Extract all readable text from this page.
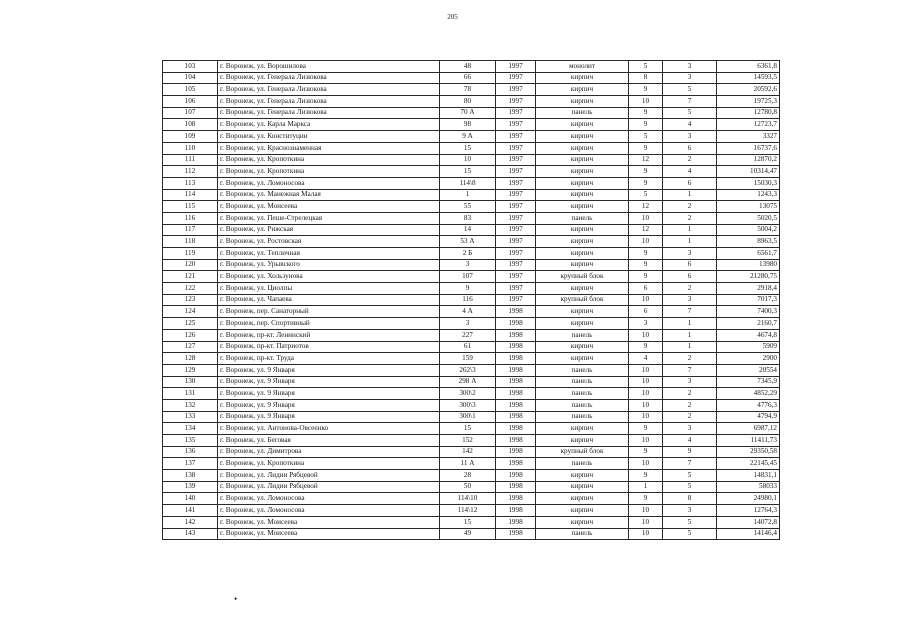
205
103	г. Воронеж, ул. Ворошилова	48	1997	монолит	5	3	6361,8
104	г. Воронеж, ул. Генерала Лизюкова	66	1997	кирпич	8	3	14593,5
105	г. Воронеж, ул. Генерала Лизюкова	78	1997	кирпич	9	5	20592,6
106	г. Воронеж, ул. Генерала Лизюкова	80	1997	кирпич	10	7	19725,3
107	г. Воронеж, ул. Генерала Лизюкова	70 А	1997	панель	9	5	12780,8
108	г. Воронеж, ул. Карла Маркса	98	1997	кирпич	9	4	12723,7
109	г. Воронеж, ул. Конституции	9 А	1997	кирпич	5	3	3327
110	г. Воронеж, ул. Краснознаменная	15	1997	кирпич	9	6	16737,6
111	г. Воронеж, ул. Кропоткина	10	1997	кирпич	12	2	12870,2
112	г. Воронеж, ул. Кропоткина	15	1997	кирпич	9	4	10314,47
113	г. Воронеж, ул. Ломоносова	114\8	1997	кирпич	9	6	15030,3
114	г. Воронеж, ул. Манежная Малая	1	1997	кирпич	5	1	1243,3
115	г. Воронеж, ул. Моисеева	55	1997	кирпич	12	2	13075
116	г. Воронеж, ул. Пеше-Стрелецкая	83	1997	панель	10	2	5020,5
117	г. Воронеж, ул. Рижская	14	1997	кирпич	12	1	5004,2
118	г. Воронеж, ул. Ростовская	53 А	1997	кирпич	10	1	8963,5
119	г. Воронеж, ул. Тепличная	2 Б	1997	кирпич	9	3	6561,7
120	г. Воронеж, ул. Урывского	3	1997	кирпич	9	6	13980
121	г. Воронеж, ул. Хользунова	107	1997	крупный блок	9	6	21280,75
122	г. Воронеж, ул. Циолпы	9	1997	кирпич	6	2	2918,4
123	г. Воронеж, ул. Чапаева	116	1997	крупный блок	10	3	7017,3
124	г. Воронеж, пер. Санаторный	4 А	1998	кирпич	6	7	7400,3
125	г. Воронеж, пер. Спортивный	3	1998	кирпич	3	1	2160,7
126	г. Воронеж, пр-кт. Ленинский	227	1998	панель	10	1	4674,8
127	г. Воронеж, пр-кт. Патриотов	61	1998	кирпич	9	1	5909
128	г. Воронеж, пр-кт. Труда	159	1998	кирпич	4	2	2900
129	г. Воронеж, ул. 9 Января	262\3	1998	панель	10	7	20554
130	г. Воронеж, ул. 9 Января	298 А	1998	панель	10	3	7345,9
131	г. Воронеж, ул. 9 Января	300\2	1998	панель	10	2	4852,29
132	г. Воронеж, ул. 9 Января	300\3	1998	панель	10	2	4776,3
133	г. Воронеж, ул. 9 Января	300\1	1998	панель	10	2	4794,9
134	г. Воронеж, ул. Антонова-Овсеенко	15	1998	кирпич	9	3	6987,12
135	г. Воронеж, ул. Беговая	152	1998	кирпич	10	4	11411,73
136	г. Воронеж, ул. Димитрова	142	1998	крупный блок	9	9	29350,58
137	г. Воронеж, ул. Кропоткина	11 А	1998	панель	10	7	22145,45
138	г. Воронеж, ул. Лидии Рябцевой	28	1998	кирпич	9	5	14831,1
139	г. Воронеж, ул. Лидии Рябцевой	50	1998	кирпич	1	5	58033
140	г. Воронеж, ул. Ломоносова	114\10	1998	кирпич	9	8	24980,1
141	г. Воронеж, ул. Ломоносова	114\12	1998	кирпич	10	3	12764,3
142	г. Воронеж, ул. Моисеева	15	1998	кирпич	10	5	14072,8
143	г. Воронеж, ул. Моисеева	49	1998	панель	10	5	14146,4
•
